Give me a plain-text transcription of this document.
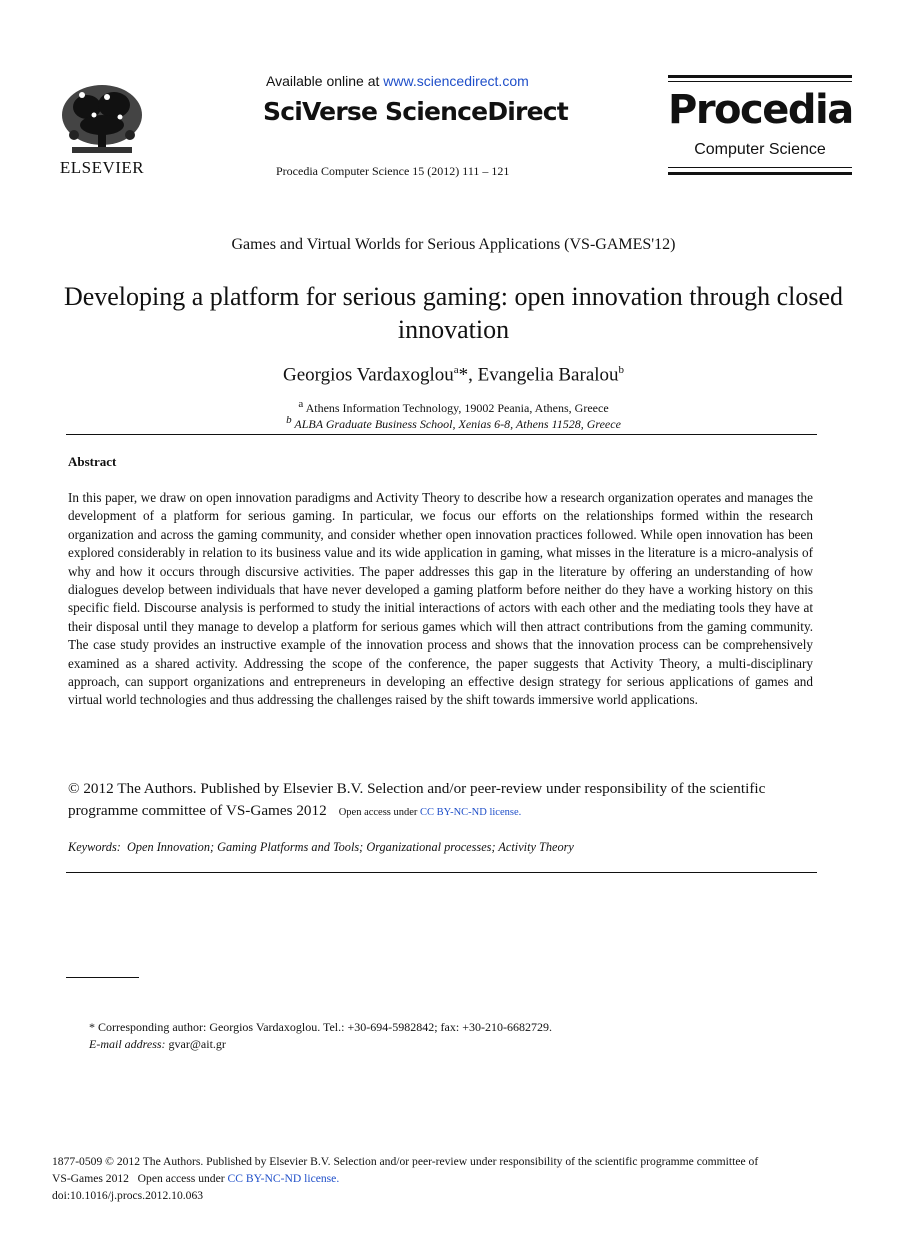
ELSEVIER
Available online at www.sciencedirect.com
SciVerse ScienceDirect
Procedia Computer Science 15 (2012) 111 – 121
Procedia
Computer Science
Games and Virtual Worlds for Serious Applications (VS-GAMES'12)
Developing a platform for serious gaming: open innovation through closed innovation
Georgios Vardaxoglou$^a$*, Evangelia Baralou$^b$
$^a$ Athens Information Technology, 19002 Peania, Athens, Greece
$^b$ ALBA Graduate Business School, Xenias 6-8, Athens 11528, Greece
Abstract
In this paper, we draw on open innovation paradigms and Activity Theory to describe how a research organization operates and manages the development of a platform for serious gaming. In particular, we focus our efforts on the relationships formed within the research organization and across the gaming community, and consider whether open innovation practices followed. While open innovation has been explored considerably in relation to its business value and its wide application in gaming, what misses in the literature is a micro-analysis of why and how it occurs through discursive activities. The paper addresses this gap in the literature by offering an understanding of how dialogues develop between individuals that have never developed a gaming platform before neither do they have a working history on this specific field. Discourse analysis is performed to study the initial interactions of actors with each other and the mediating tools they have at their disposal until they manage to develop a platform for serious games which will then attract contributions from the gaming community. The case study provides an instructive example of the innovation process and shows that the innovation process can be comprehensively examined as a shared activity. Addressing the scope of the conference, the paper suggests that Activity Theory, a multi-disciplinary approach, can support organizations and entrepreneurs in developing an effective design strategy for serious applications of games and virtual world technologies and thus addressing the challenges raised by the shift towards immersive world applications.
© 2012 The Authors. Published by Elsevier B.V. Selection and/or peer-review under responsibility of the scientific programme committee of VS-Games 2012 Open access under CC BY-NC-ND license.
Keywords: Open Innovation; Gaming Platforms and Tools; Organizational processes; Activity Theory
* Corresponding author: Georgios Vardaxoglou. Tel.: +30-694-5982842; fax: +30-210-6682729.
E-mail address: gvar@ait.gr
1877-0509 © 2012 The Authors. Published by Elsevier B.V. Selection and/or peer-review under responsibility of the scientific programme committee of
VS-Games 2012 Open access under CC BY-NC-ND license.
doi:10.1016/j.procs.2012.10.063
